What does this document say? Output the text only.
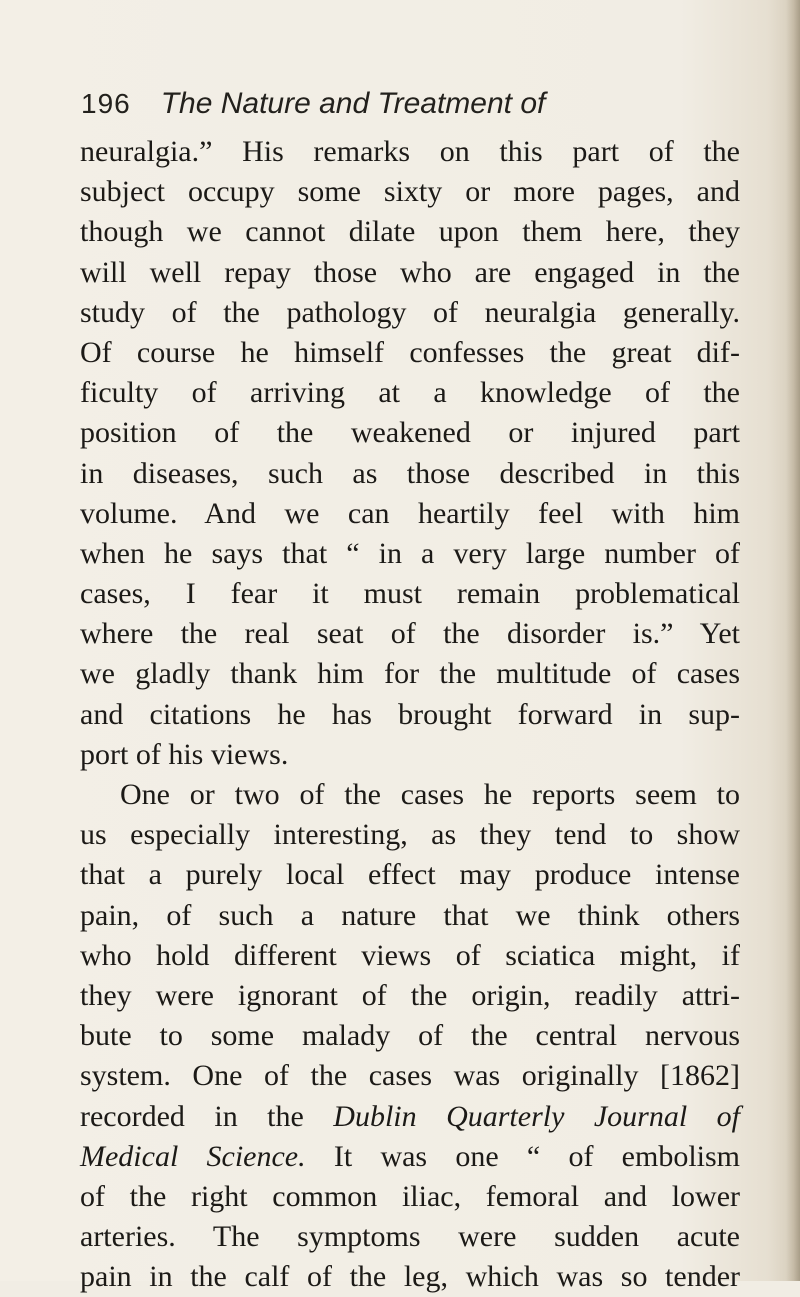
196 The Nature and Treatment of
neuralgia.” His remarks on this part of the
subject occupy some sixty or more pages, and
though we cannot dilate upon them here, they
will well repay those who are engaged in the
study of the pathology of neuralgia generally.
Of course he himself confesses the great dif-
ficulty of arriving at a knowledge of the
position of the weakened or injured part
in diseases, such as those described in this
volume. And we can heartily feel with him
when he says that “ in a very large number of
cases, I fear it must remain problematical
where the real seat of the disorder is.” Yet
we gladly thank him for the multitude of cases
and citations he has brought forward in sup-
port of his views.
One or two of the cases he reports seem to
us especially interesting, as they tend to show
that a purely local effect may produce intense
pain, of such a nature that we think others
who hold different views of sciatica might, if
they were ignorant of the origin, readily attri-
bute to some malady of the central nervous
system. One of the cases was originally [1862]
recorded in the Dublin Quarterly Journal of
Medical Science. It was one “ of embolism
of the right common iliac, femoral and lower
arteries. The symptoms were sudden acute
pain in the calf of the leg, which was so tender
